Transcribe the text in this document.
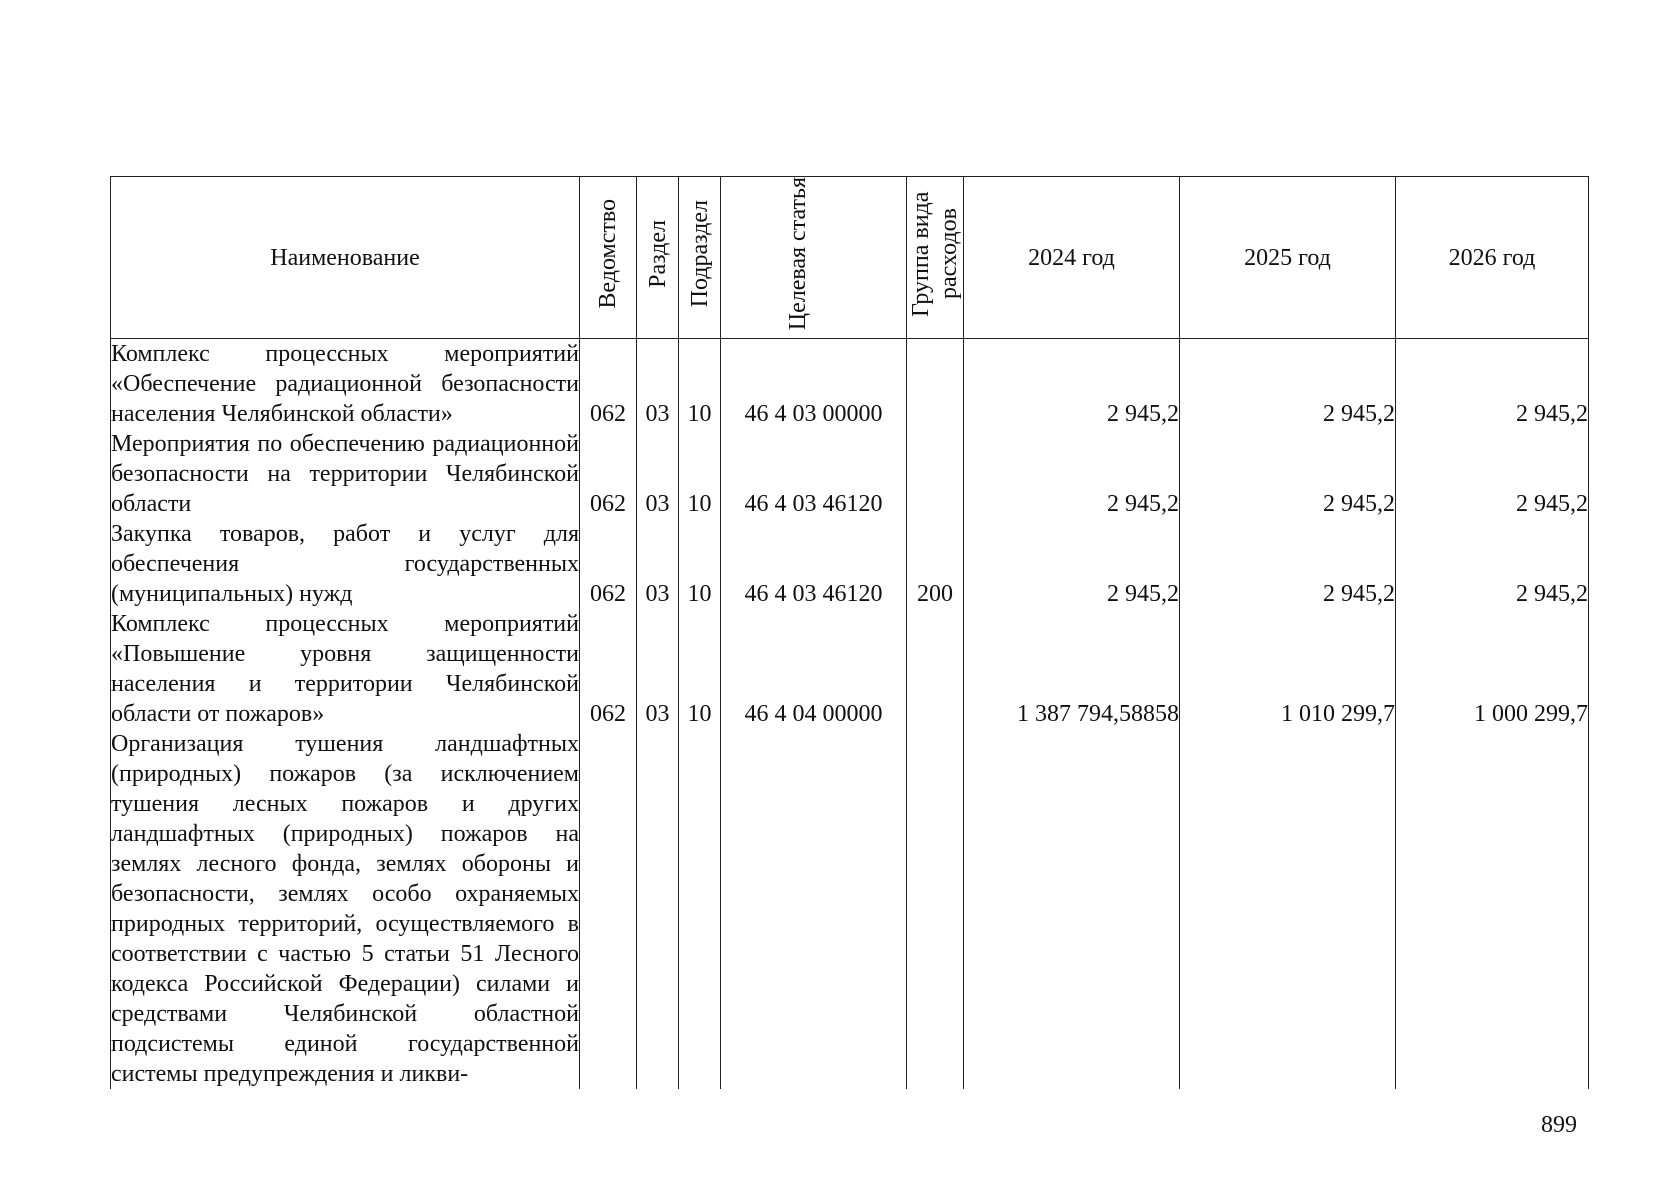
Наименование	Ведомство	Раздел	Подраздел	Целевая статья	Группа вида расходов	2024 год	2025 год	2026 год
Комплекс процессных мероприятий «Обеспечение радиационной безопасности населения Челябинской области»	062	03	10	46 4 03 00000		2 945,2	2 945,2	2 945,2
Мероприятия по обеспечению радиационной безопасности на территории Челябинской области	062	03	10	46 4 03 46120		2 945,2	2 945,2	2 945,2
Закупка товаров, работ и услуг для обеспечения государственных (муниципальных) нужд	062	03	10	46 4 03 46120	200	2 945,2	2 945,2	2 945,2
Комплекс процессных мероприятий «Повышение уровня защищенности населения и территории Челябинской области от пожаров»	062	03	10	46 4 04 00000		1 387 794,58858	1 010 299,7	1 000 299,7
Организация тушения ландшафтных (природных) пожаров (за исключением тушения лесных пожаров и других ландшафтных (природных) пожаров на землях лесного фонда, землях обороны и безопасности, землях особо охраняемых природных территорий, осуществляемого в соответствии с частью 5 статьи 51 Лесного кодекса Российской Федерации) силами и средствами Челябинской областной подсистемы единой государственной системы предупреждения и ликви-								
899
